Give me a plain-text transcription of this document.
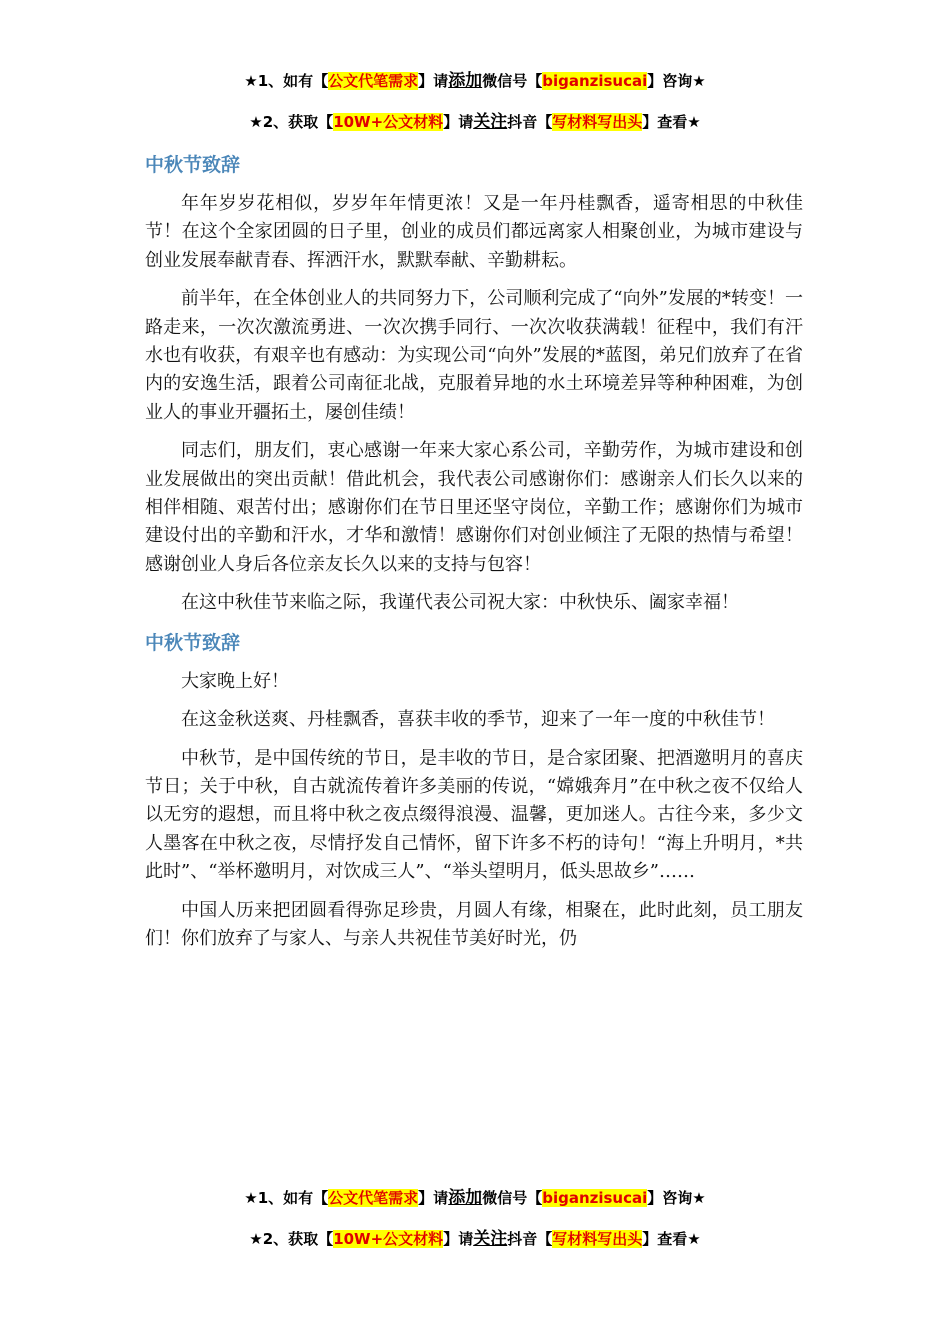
★1、如有【公文代笔需求】请添加微信号【biganzisucai】咨询★
★2、获取【10W+公文材料】请关注抖音【写材料写出头】查看★
中秋节致辞

年年岁岁花相似，岁岁年年情更浓！又是一年丹桂飘香，遥寄相思的中秋佳节！在这个全家团圆的日子里，创业的成员们都远离家人相聚创业，为城市建设与创业发展奉献青春、挥洒汗水，默默奉献、辛勤耕耘。

前半年，在全体创业人的共同努力下，公司顺利完成了“向外”发展的*转变！一路走来，一次次激流勇进、一次次携手同行、一次次收获满载！征程中，我们有汗水也有收获，有艰辛也有感动：为实现公司“向外”发展的*蓝图，弟兄们放弃了在省内的安逸生活，跟着公司南征北战，克服着异地的水土环境差异等种种困难，为创业人的事业开疆拓土，屡创佳绩！

同志们，朋友们，衷心感谢一年来大家心系公司，辛勤劳作，为城市建设和创业发展做出的突出贡献！借此机会，我代表公司感谢你们：感谢亲人们长久以来的相伴相随、艰苦付出；感谢你们在节日里还坚守岗位，辛勤工作；感谢你们为城市建设付出的辛勤和汗水，才华和激情！感谢你们对创业倾注了无限的热情与希望！感谢创业人身后各位亲友长久以来的支持与包容！

在这中秋佳节来临之际，我谨代表公司祝大家：中秋快乐、阖家幸福！

中秋节致辞

大家晚上好！

在这金秋送爽、丹桂飘香，喜获丰收的季节，迎来了一年一度的中秋佳节！

中秋节，是中国传统的节日，是丰收的节日，是合家团聚、把酒邀明月的喜庆节日；关于中秋，自古就流传着许多美丽的传说，“嫦娥奔月”在中秋之夜不仅给人以无穷的遐想，而且将中秋之夜点缀得浪漫、温馨，更加迷人。古往今来，多少文人墨客在中秋之夜，尽情抒发自己情怀，留下许多不朽的诗句！“海上升明月，*共此时”、“举杯邀明月，对饮成三人”、“举头望明月，低头思故乡”……

中国人历来把团圆看得弥足珍贵，月圆人有缘，相聚在，此时此刻，员工朋友们！你们放弃了与家人、与亲人共祝佳节美好时光，仍

★1、如有【公文代笔需求】请添加微信号【biganzisucai】咨询★
★2、获取【10W+公文材料】请关注抖音【写材料写出头】查看★
